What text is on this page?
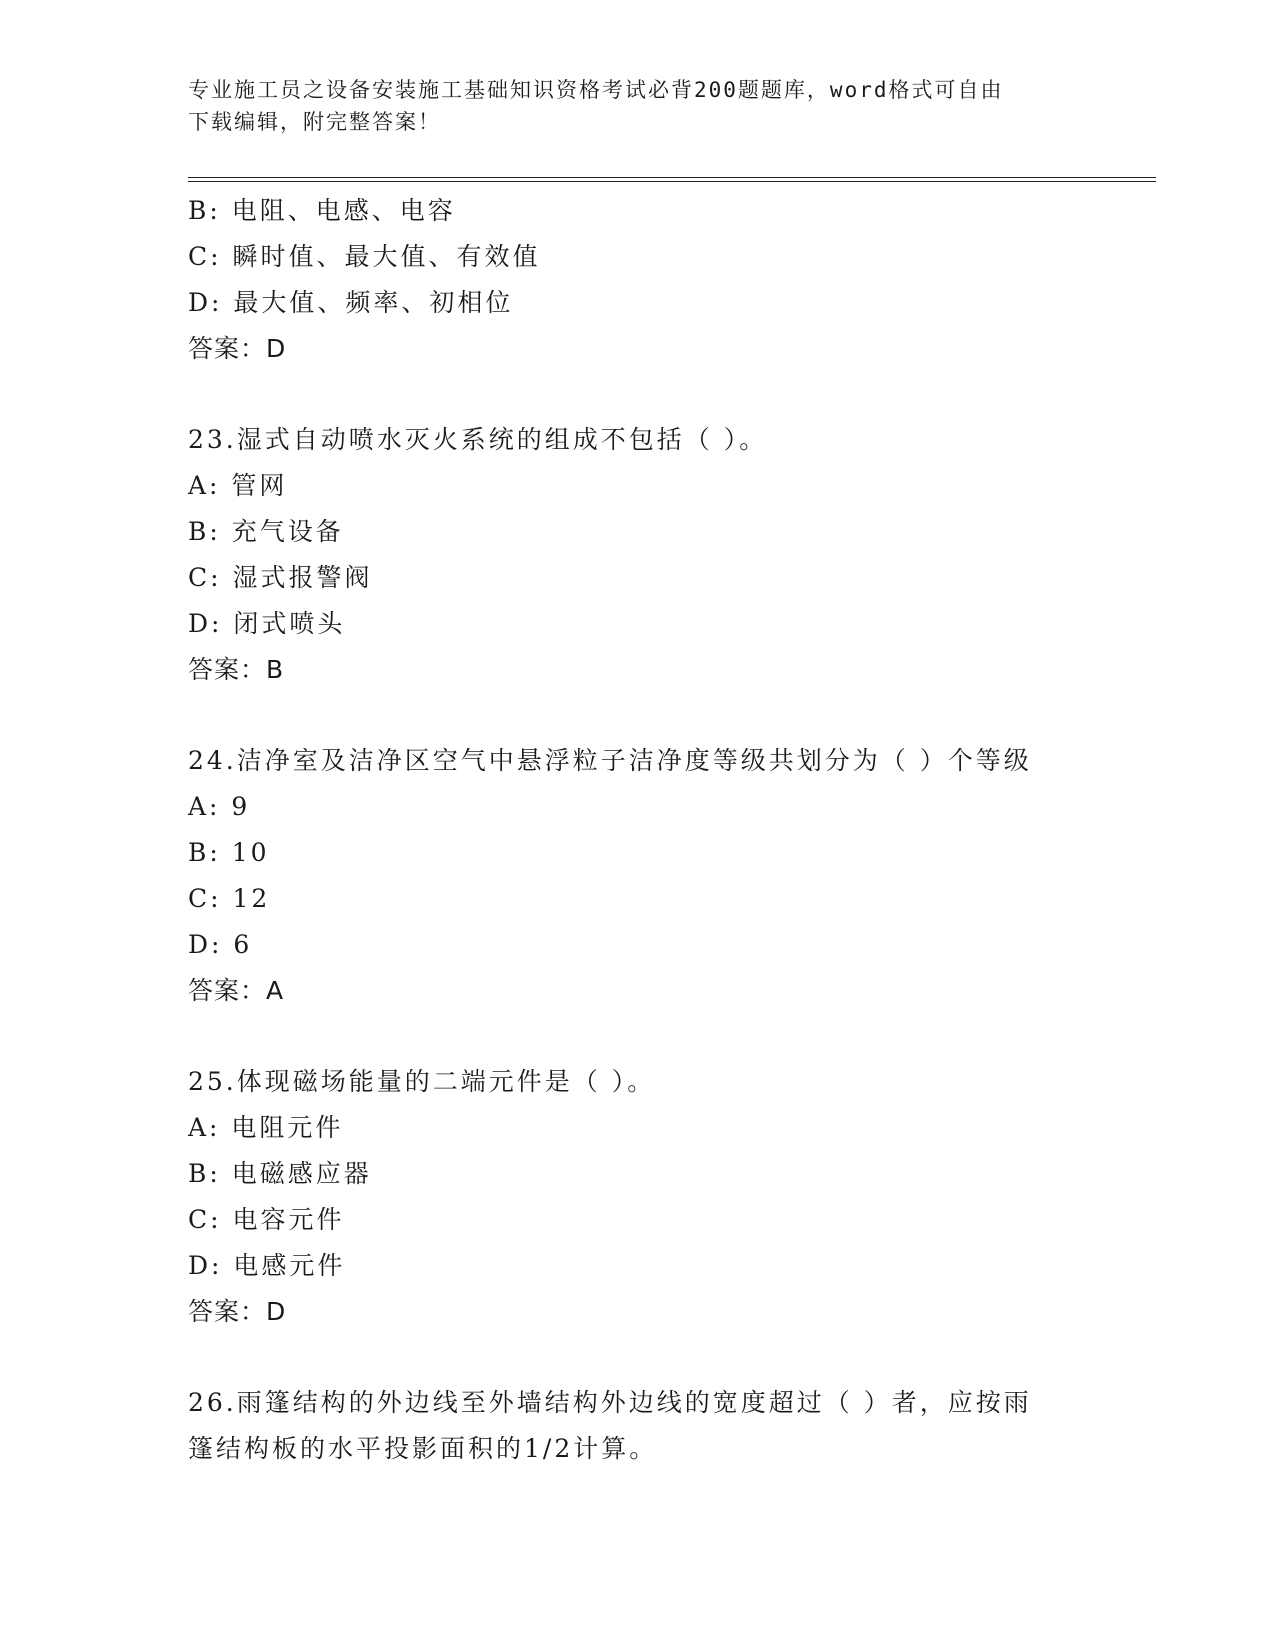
专业施工员之设备安装施工基础知识资格考试必背200题题库，word格式可自由
下载编辑，附完整答案！
B: 电阻、电感、电容
C: 瞬时值、最大值、有效值
D: 最大值、频率、初相位
答案：D
23.湿式自动喷水灭火系统的组成不包括（ ）。
A: 管网
B: 充气设备
C: 湿式报警阀
D: 闭式喷头
答案：B
24.洁净室及洁净区空气中悬浮粒子洁净度等级共划分为（ ）个等级
A: 9
B: 10
C: 12
D: 6
答案：A
25.体现磁场能量的二端元件是（ ）。
A: 电阻元件
B: 电磁感应器
C: 电容元件
D: 电感元件
答案：D
26.雨篷结构的外边线至外墙结构外边线的宽度超过（ ）者，应按雨
篷结构板的水平投影面积的1/2计算。
